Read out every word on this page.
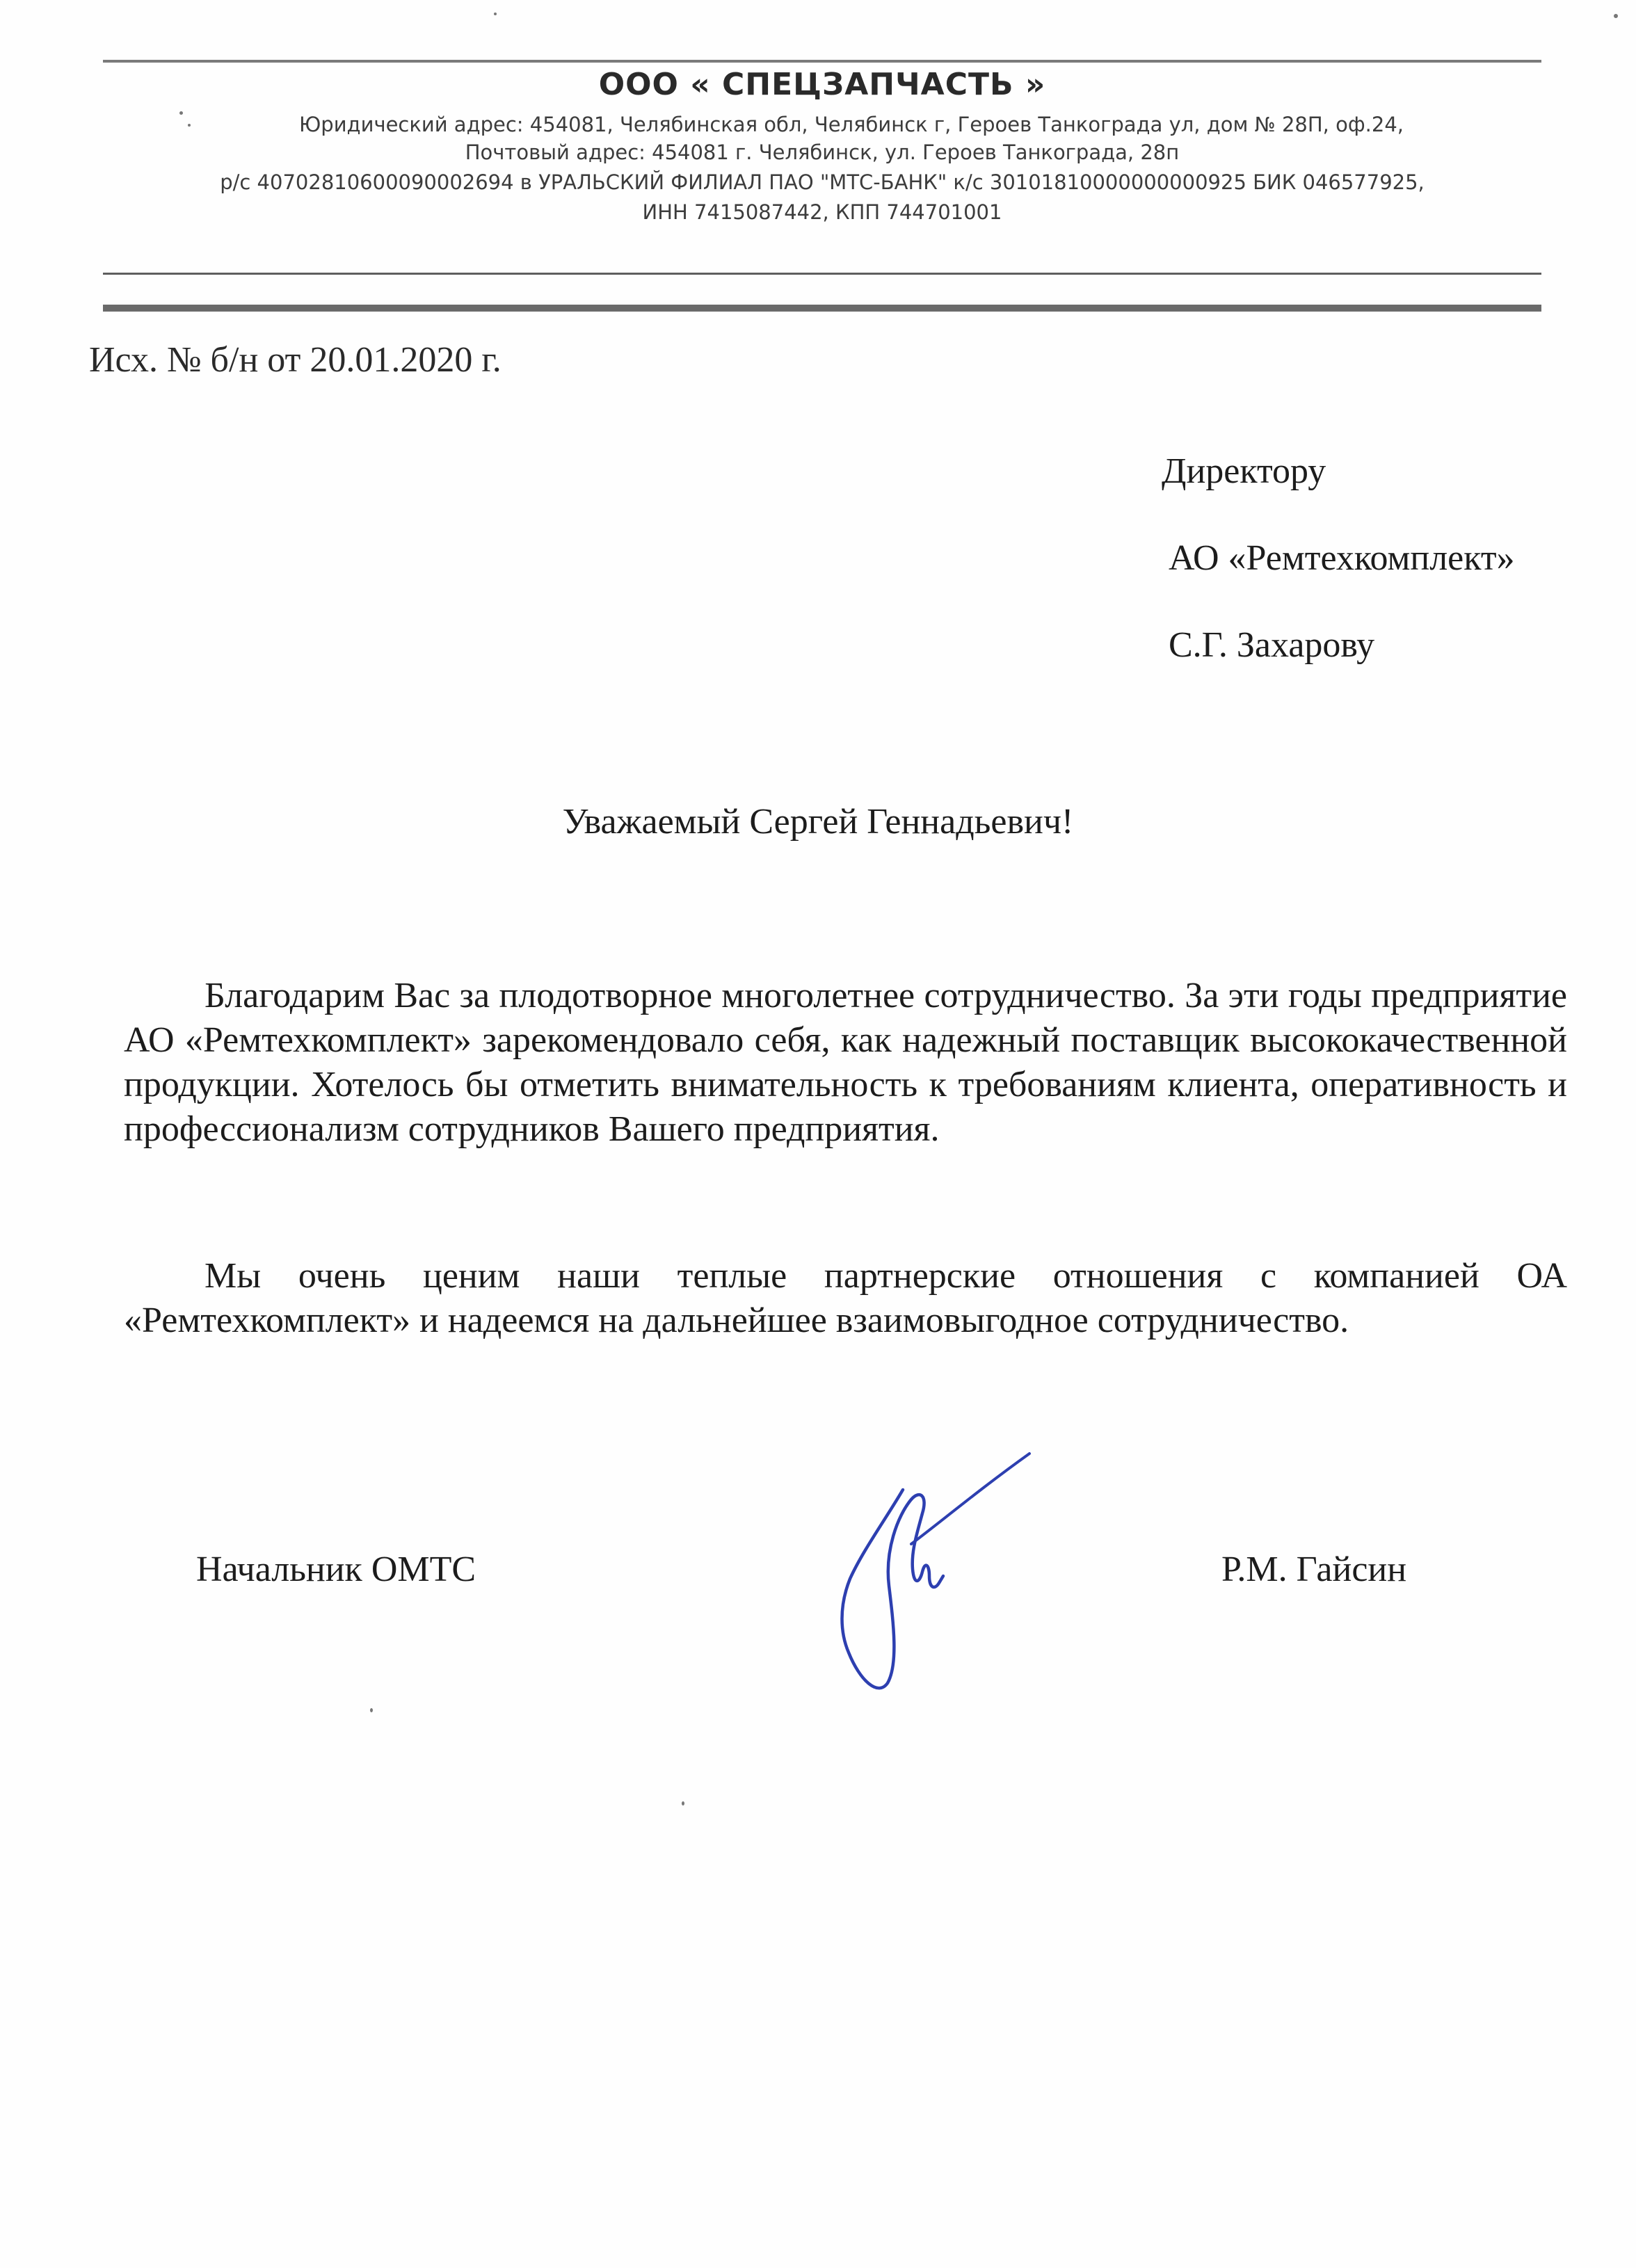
ООО « СПЕЦЗАПЧАСТЬ »
Юридический адрес: 454081, Челябинская обл, Челябинск г, Героев Танкограда ул, дом № 28П, оф.24,
Почтовый адрес: 454081 г. Челябинск, ул. Героев Танкограда, 28п
р/с 40702810600090002694 в УРАЛЬСКИЙ ФИЛИАЛ ПАО "МТС-БАНК" к/с 30101810000000000925 БИК 046577925,
ИНН 7415087442, КПП 744701001
Исх. № б/н от 20.01.2020 г.
Директору
АО «Ремтехкомплект»
С.Г. Захарову
Уважаемый Сергей Геннадьевич!
Благодарим Вас за плодотворное многолетнее сотрудничество. За эти годы предприятие АО «Ремтехкомплект» зарекомендовало себя, как надежный поставщик высококачественной продукции. Хотелось бы отметить внимательность к требованиям клиента, оперативность и профессионализм сотрудников Вашего предприятия.
Мы очень ценим наши теплые партнерские отношения с компанией ОА «Ремтехкомплект» и надеемся на дальнейшее взаимовыгодное сотрудничество.
Начальник ОМТС	Р.М. Гайсин
